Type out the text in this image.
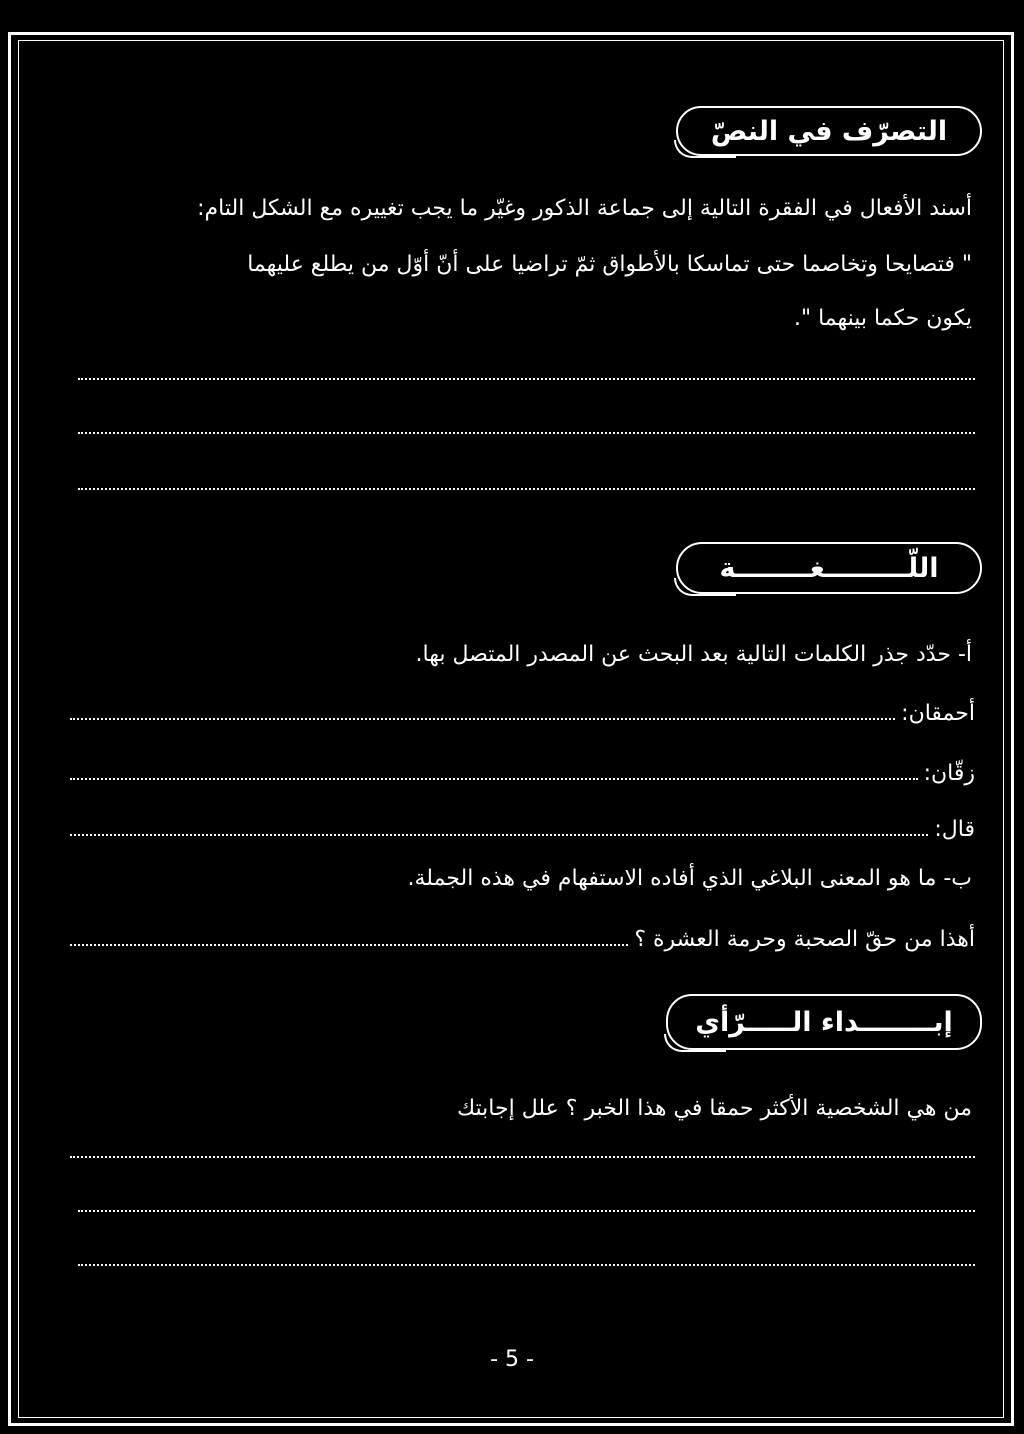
التصرّف في النصّ
أسند الأفعال في الفقرة التالية إلى جماعة الذكور وغيّر ما يجب تغييره مع الشكل التام:
" فتصايحا وتخاصما حتى تماسكا بالأطواق ثمّ تراضيا على أنّ أوّل من يطلع عليهما
يكون حكما بينهما ".
اللّـــــــــغــــــــة
أ- حدّد جذر الكلمات التالية بعد البحث عن المصدر المتصل بها.
أحمقان:
زقّان:
قال:
ب- ما هو المعنى البلاغي الذي أفاده الاستفهام في هذه الجملة.
أهذا من حقّ الصحبة وحرمة العشرة ؟
إبــــــــداء الـــــرّأي
من هي الشخصية الأكثر حمقا في هذا الخبر ؟ علل إجابتك
- 5 -
